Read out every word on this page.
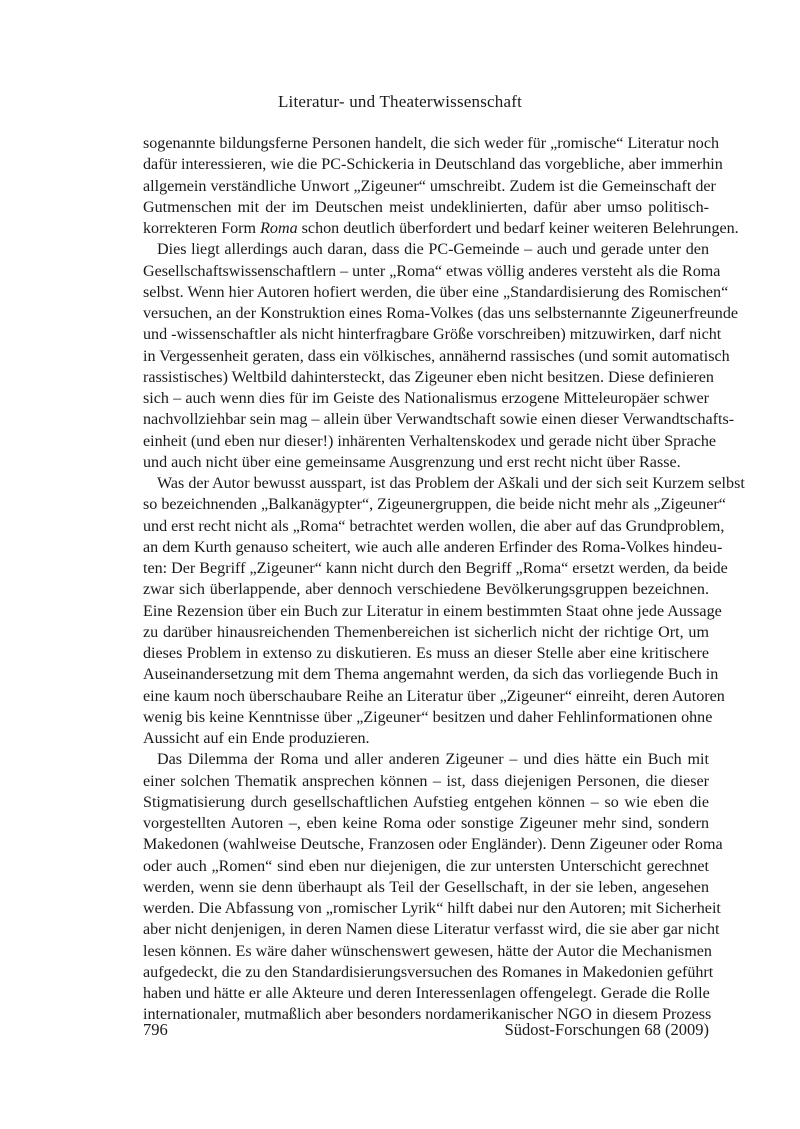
Literatur- und Theaterwissenschaft

sogenannte bildungsferne Personen handelt, die sich weder für „romische“ Literatur noch
dafür interessieren, wie die PC-Schickeria in Deutschland das vorgebliche, aber immerhin
allgemein verständliche Unwort „Zigeuner“ umschreibt. Zudem ist die Gemeinschaft der
Gutmenschen mit der im Deutschen meist undeklinierten, dafür aber umso politisch-
korrekteren Form Roma schon deutlich überfordert und bedarf keiner weiteren Belehrungen.

Dies liegt allerdings auch daran, dass die PC-Gemeinde – auch und gerade unter den
Gesellschaftswissenschaftlern – unter „Roma“ etwas völlig anderes versteht als die Roma
selbst. Wenn hier Autoren hofiert werden, die über eine „Standardisierung des Romischen“
versuchen, an der Konstruktion eines Roma-Volkes (das uns selbsternannte Zigeunerfreunde
und -wissenschaftler als nicht hinterfragbare Größe vorschreiben) mitzuwirken, darf nicht
in Vergessenheit geraten, dass ein völkisches, annähernd rassisches (und somit automatisch
rassistisches) Weltbild dahintersteckt, das Zigeuner eben nicht besitzen. Diese definieren
sich – auch wenn dies für im Geiste des Nationalismus erzogene Mitteleuropäer schwer
nachvollziehbar sein mag – allein über Verwandtschaft sowie einen dieser Verwandtschafts-
einheit (und eben nur dieser!) inhärenten Verhaltenskodex und gerade nicht über Sprache
und auch nicht über eine gemeinsame Ausgrenzung und erst recht nicht über Rasse.

Was der Autor bewusst ausspart, ist das Problem der Aškali und der sich seit Kurzem selbst
so bezeichnenden „Balkanägypter“, Zigeunergruppen, die beide nicht mehr als „Zigeuner“
und erst recht nicht als „Roma“ betrachtet werden wollen, die aber auf das Grundproblem,
an dem Kurth genauso scheitert, wie auch alle anderen Erfinder des Roma-Volkes hindeu-
ten: Der Begriff „Zigeuner“ kann nicht durch den Begriff „Roma“ ersetzt werden, da beide
zwar sich überlappende, aber dennoch verschiedene Bevölkerungsgruppen bezeichnen.
Eine Rezension über ein Buch zur Literatur in einem bestimmten Staat ohne jede Aussage
zu darüber hinausreichenden Themenbereichen ist sicherlich nicht der richtige Ort, um
dieses Problem in extenso zu diskutieren. Es muss an dieser Stelle aber eine kritischere
Auseinandersetzung mit dem Thema angemahnt werden, da sich das vorliegende Buch in
eine kaum noch überschaubare Reihe an Literatur über „Zigeuner“ einreiht, deren Autoren
wenig bis keine Kenntnisse über „Zigeuner“ besitzen und daher Fehlinformationen ohne
Aussicht auf ein Ende produzieren.

Das Dilemma der Roma und aller anderen Zigeuner – und dies hätte ein Buch mit
einer solchen Thematik ansprechen können – ist, dass diejenigen Personen, die dieser
Stigmatisierung durch gesellschaftlichen Aufstieg entgehen können – so wie eben die
vorgestellten Autoren –, eben keine Roma oder sonstige Zigeuner mehr sind, sondern
Makedonen (wahlweise Deutsche, Franzosen oder Engländer). Denn Zigeuner oder Roma
oder auch „Romen“ sind eben nur diejenigen, die zur untersten Unterschicht gerechnet
werden, wenn sie denn überhaupt als Teil der Gesellschaft, in der sie leben, angesehen
werden. Die Abfassung von „romischer Lyrik“ hilft dabei nur den Autoren; mit Sicherheit
aber nicht denjenigen, in deren Namen diese Literatur verfasst wird, die sie aber gar nicht
lesen können. Es wäre daher wünschenswert gewesen, hätte der Autor die Mechanismen
aufgedeckt, die zu den Standardisierungsversuchen des Romanes in Makedonien geführt
haben und hätte er alle Akteure und deren Interessenlagen offengelegt. Gerade die Rolle
internationaler, mutmaßlich aber besonders nordamerikanischer NGO in diesem Prozess

796	Südost-Forschungen 68 (2009)
